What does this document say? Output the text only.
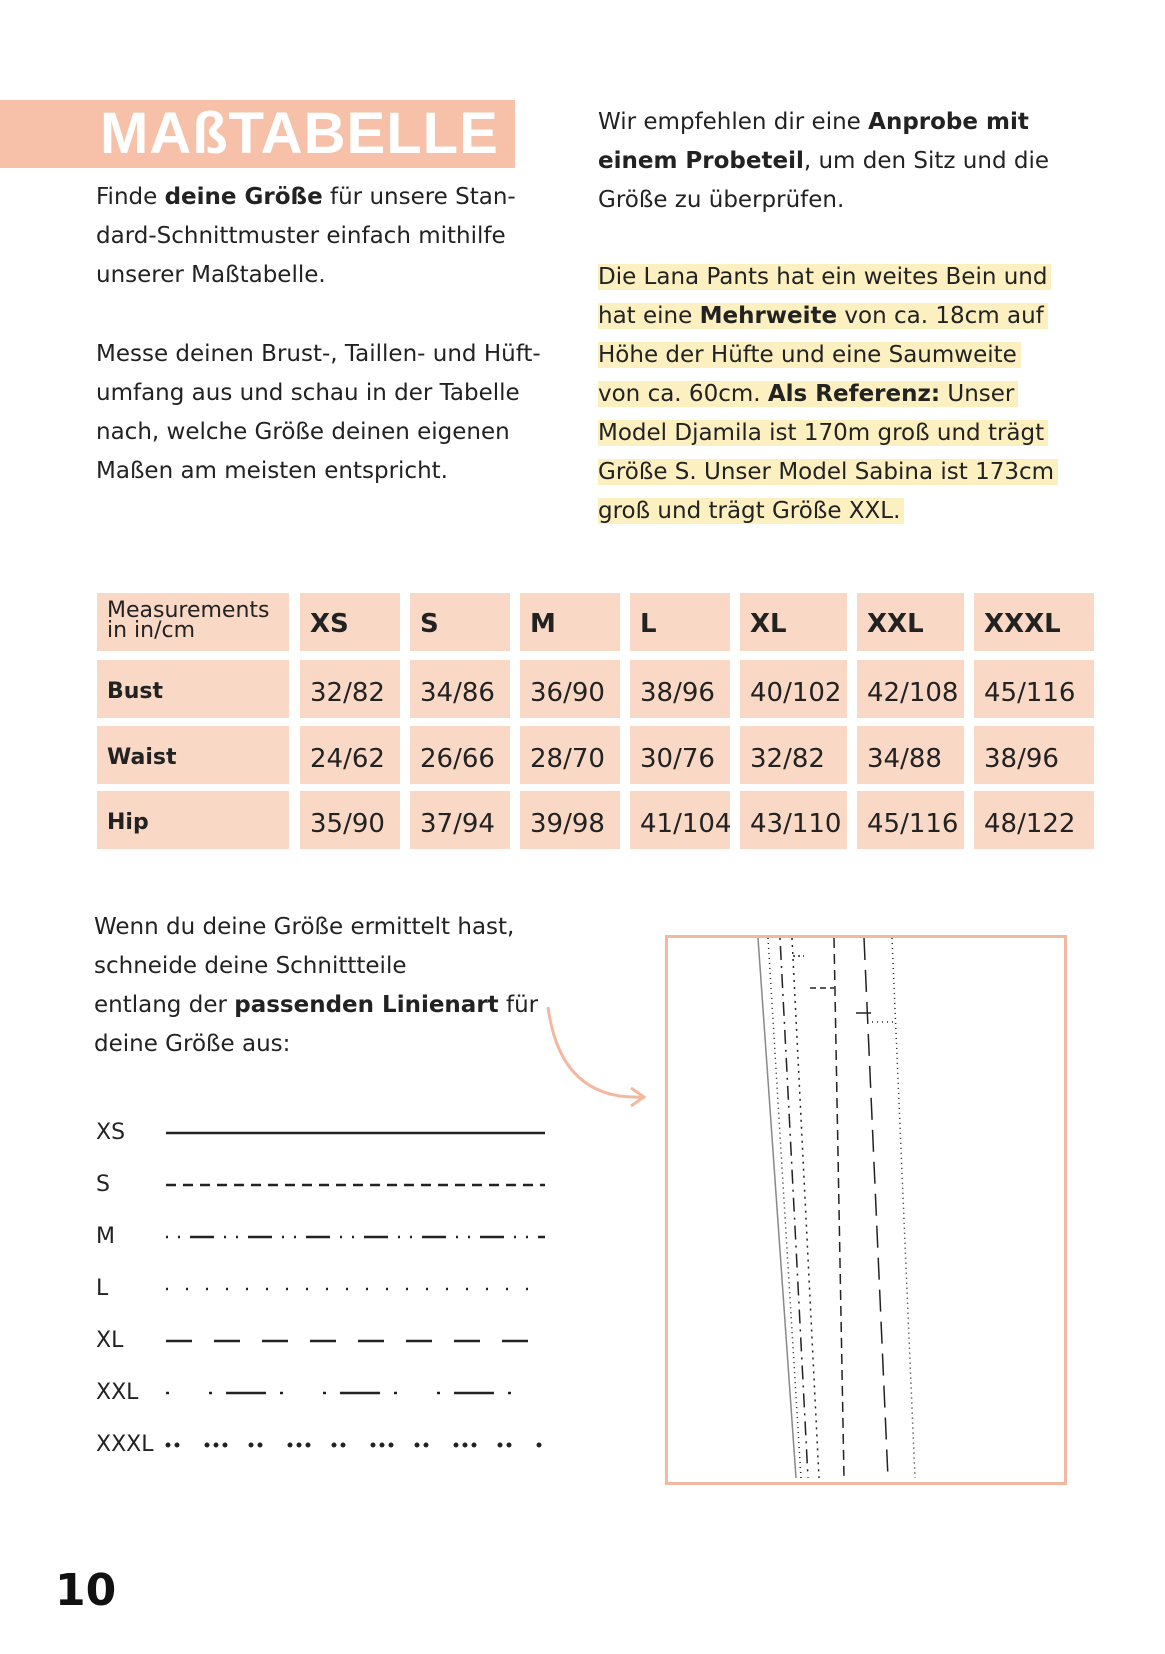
MAßTABELLE

Finde deine Größe für unsere Stan-
dard-Schnittmuster einfach mithilfe
unserer Maßtabelle.

Messe deinen Brust-, Taillen- und Hüft-
umfang aus und schau in der Tabelle
nach, welche Größe deinen eigenen
Maßen am meisten entspricht.

Wir empfehlen dir eine Anprobe mit
einem Probeteil, um den Sitz und die
Größe zu überprüfen.

Die Lana Pants hat ein weites Bein und
hat eine Mehrweite von ca. 18cm auf
Höhe der Hüfte und eine Saumweite
von ca. 60cm. Als Referenz: Unser
Model Djamila ist 170m groß und trägt
Größe S. Unser Model Sabina ist 173cm
groß und trägt Größe XXL.

Measurements
in in/cm	XS	S	M	L	XL	XXL	XXXL
Bust	32/82	34/86	36/90	38/96	40/102 42/108 45/116
Waist	24/62	26/66	28/70	30/76	32/82	34/88	38/96
Hip	35/90	37/94	39/98	41/104 43/110 45/116 48/122

Wenn du deine Größe ermittelt hast,
schneide deine Schnittteile
entlang der passenden Linienart für
deine Größe aus:

XS
S
M
L
XL
XXL
XXXL
10
